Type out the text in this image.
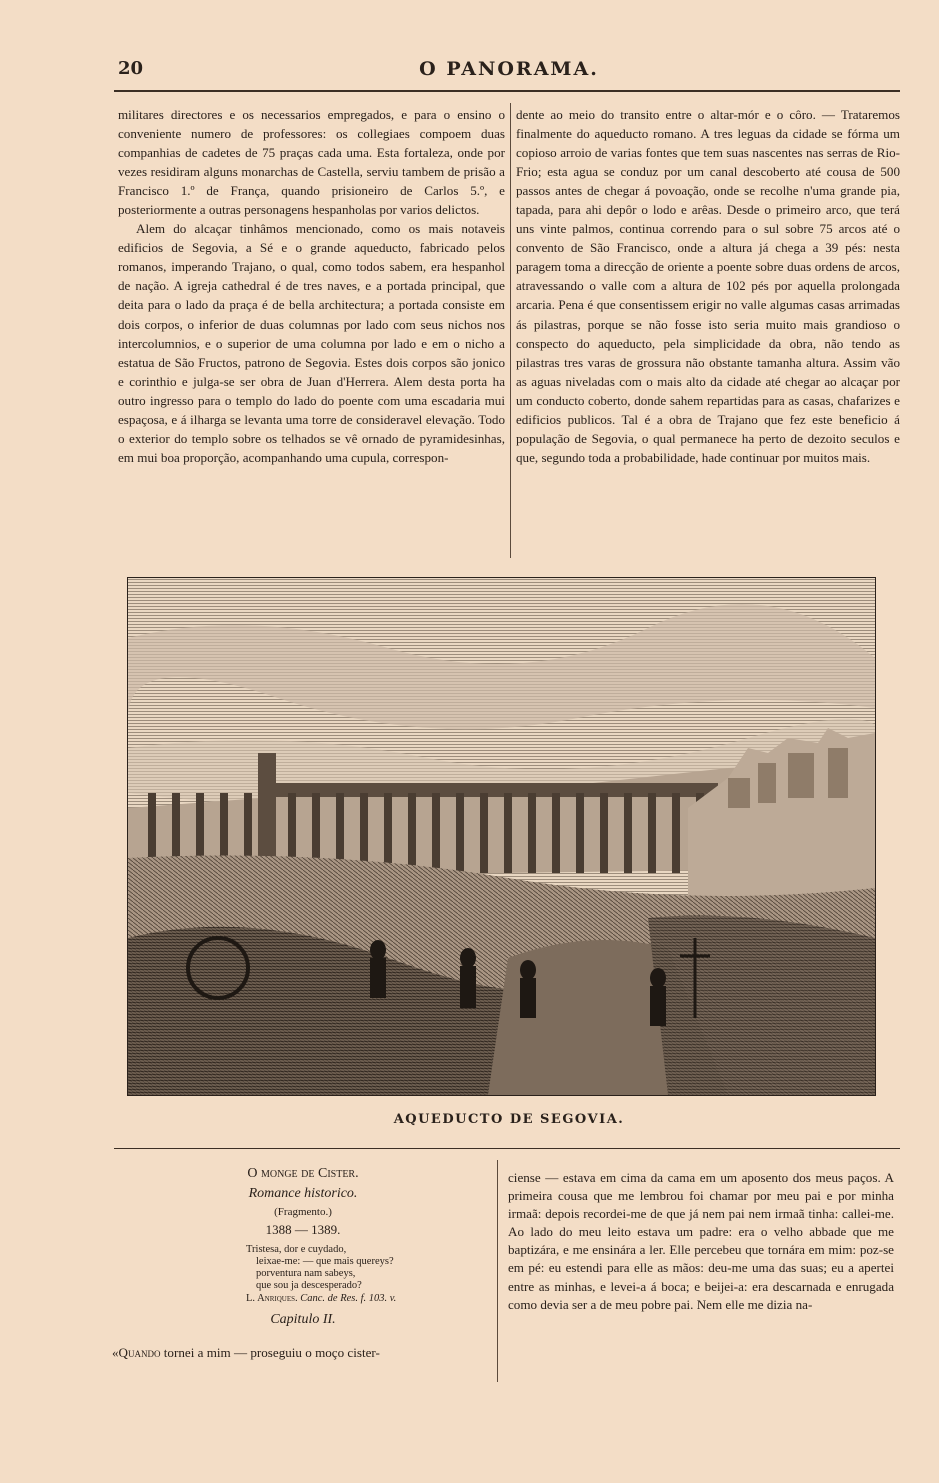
20	O PANORAMA.

militares directores e os necessarios empregados, e para o ensino o conveniente numero de professores: os collegiaes compoem duas companhias de cadetes de 75 praças cada uma. Esta fortaleza, onde por vezes residiram alguns monarchas de Castella, serviu tambem de prisão a Francisco 1.º de França, quando prisioneiro de Carlos 5.º, e posteriormente a outras personagens hespanholas por varios delictos.

Alem do alcaçar tinhâmos mencionado, como os mais notaveis edificios de Segovia, a Sé e o grande aqueducto, fabricado pelos romanos, imperando Trajano, o qual, como todos sabem, era hespanhol de nação. A igreja cathedral é de tres naves, e a portada principal, que deita para o lado da praça é de bella architectura; a portada consiste em dois corpos, o inferior de duas columnas por lado com seus nichos nos intercolumnios, e o superior de uma columna por lado e em o nicho a estatua de São Fructos, patrono de Segovia. Estes dois corpos são jonico e corinthio e julga-se ser obra de Juan d'Herrera. Alem desta porta ha outro ingresso para o templo do lado do poente com uma escadaria mui espaçosa, e á ilharga se levanta uma torre de consideravel elevação. Todo o exterior do templo sobre os telhados se vê ornado de pyramidesinhas, em mui boa proporção, acompanhando uma cupula, correspon-

dente ao meio do transito entre o altar-mór e o côro. — Trataremos finalmente do aqueducto romano. A tres leguas da cidade se fórma um copioso arroio de varias fontes que tem suas nascentes nas serras de Rio-Frio; esta agua se conduz por um canal descoberto até cousa de 500 passos antes de chegar á povoação, onde se recolhe n'uma grande pia, tapada, para ahi depôr o lodo e arêas. Desde o primeiro arco, que terá uns vinte palmos, continua correndo para o sul sobre 75 arcos até o convento de São Francisco, onde a altura já chega a 39 pés: nesta paragem toma a direcção de oriente a poente sobre duas ordens de arcos, atravessando o valle com a altura de 102 pés por aquella prolongada arcaria. Pena é que consentissem erigir no valle algumas casas arrimadas ás pilastras, porque se não fosse isto seria muito mais grandioso o conspecto do aqueducto, pela simplicidade da obra, não tendo as pilastras tres varas de grossura não obstante tamanha altura. Assim vão as aguas niveladas com o mais alto da cidade até chegar ao alcaçar por um conducto coberto, donde sahem repartidas para as casas, chafarizes e edificios publicos. Tal é a obra de Trajano que fez este beneficio á população de Segovia, o qual permanece ha perto de dezoito seculos e que, segundo toda a probabilidade, hade continuar por muitos mais.

AQUEDUCTO DE SEGOVIA.
O monge de Cister.
Romance historico.
(Fragmento.)
1388 — 1389.
Tristesa, dor e cuydado,
leixae-me: — que mais quereys?
porventura nam sabeys,
que sou ja descesperado?
L. Anriques. Canc. de Res. f. 103. v.
Capitulo II.
«Quando tornei a mim — proseguiu o moço cister-

ciense — estava em cima da cama em um aposento dos meus paços. A primeira cousa que me lembrou foi chamar por meu pai e por minha irmaã: depois recordei-me de que já nem pai nem irmaã tinha: callei-me. Ao lado do meu leito estava um padre: era o velho abbade que me baptizára, e me ensinára a ler. Elle percebeu que tornára em mim: poz-se em pé: eu estendi para elle as mãos: deu-me uma das suas; eu a apertei entre as minhas, e levei-a á boca; e beijei-a: era descarnada e enrugada como devia ser a de meu pobre pai. Nem elle me dizia na-
